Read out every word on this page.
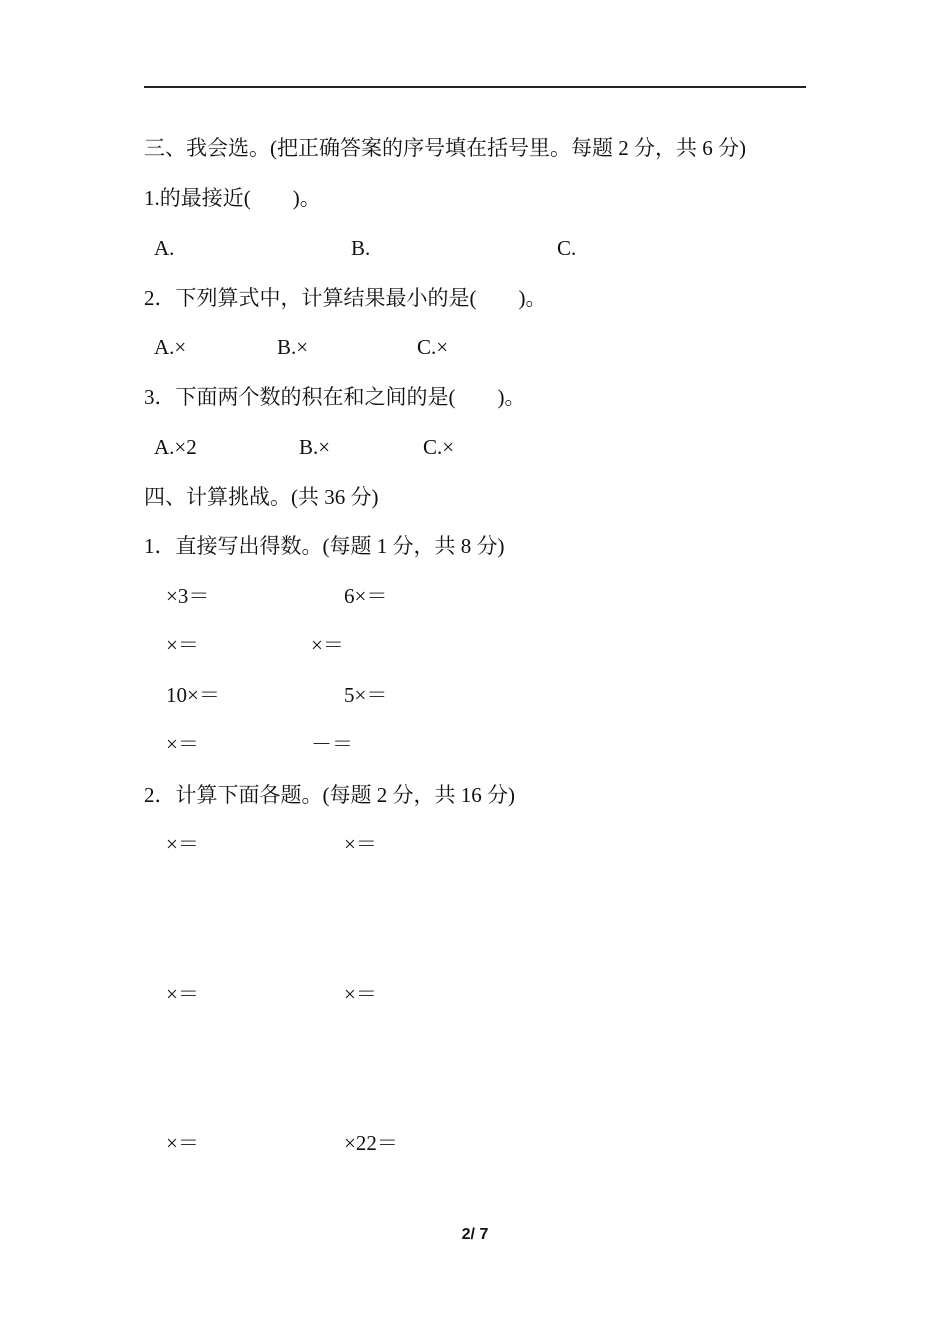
三、我会选。(把正确答案的序号填在括号里。每题 2 分，共 6 分)
1.的最接近(　　)。
A.	B.	C.
2．下列算式中，计算结果最小的是(　　)。
A.×	B.×	C.×
3．下面两个数的积在和之间的是(　　)。
A.×2	B.×	C.×
四、计算挑战。(共 36 分)
1．直接写出得数。(每题 1 分，共 8 分)
×3＝	6×＝
×＝	×＝
10×＝	5×＝
×＝	－＝
2．计算下面各题。(每题 2 分，共 16 分)
×＝	×＝
×＝	×＝
×＝	×22＝
2/ 7
